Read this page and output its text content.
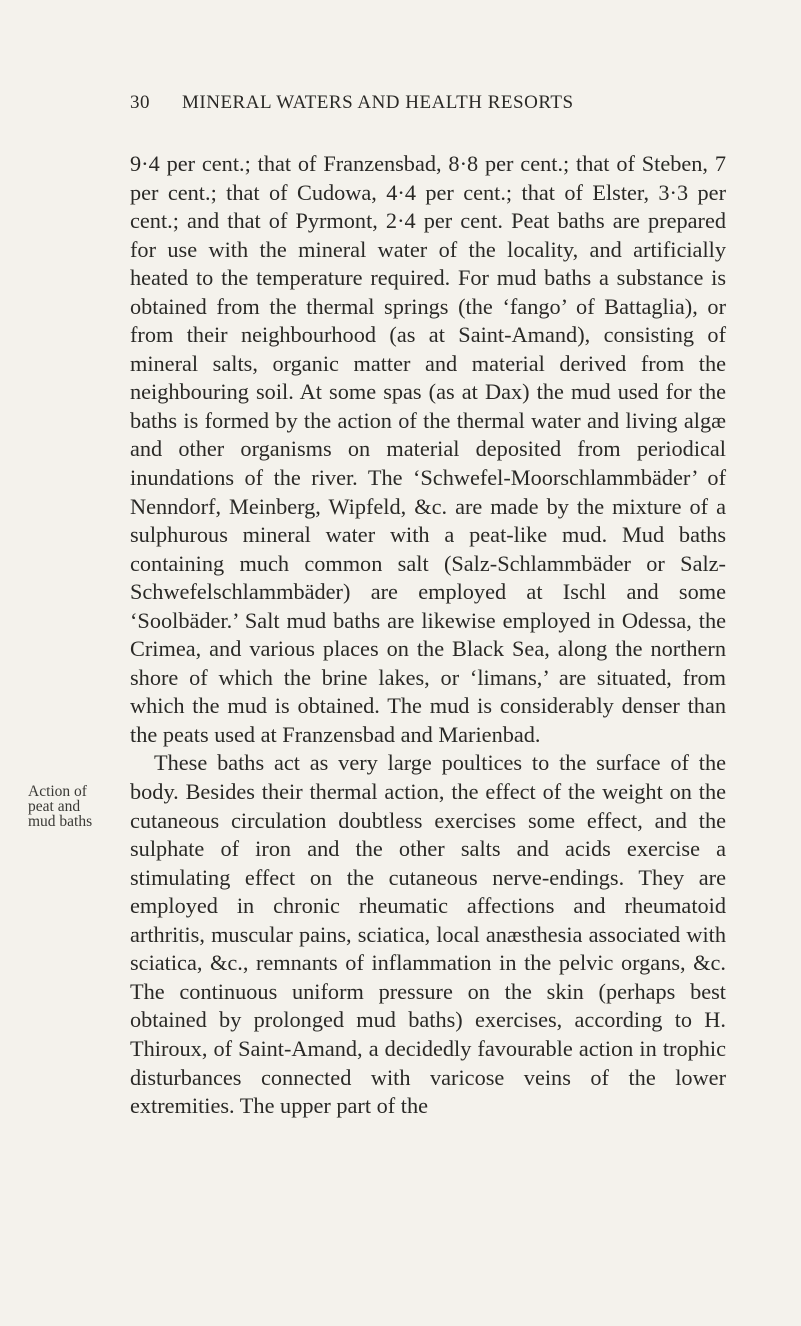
30 MINERAL WATERS AND HEALTH RESORTS
Action of
peat and
mud baths

9·4 per cent.; that of Franzensbad, 8·8 per cent.; that of Steben, 7 per cent.; that of Cudowa, 4·4 per cent.; that of Elster, 3·3 per cent.; and that of Pyrmont, 2·4 per cent. Peat baths are prepared for use with the mineral water of the locality, and artificially heated to the temperature required. For mud baths a substance is obtained from the thermal springs (the ‘fango’ of Battaglia), or from their neighbourhood (as at Saint-Amand), consisting of mineral salts, organic matter and material derived from the neighbouring soil. At some spas (as at Dax) the mud used for the baths is formed by the action of the thermal water and living algæ and other organisms on material deposited from periodical inundations of the river. The ‘Schwefel-Moorschlammbäder’ of Nenndorf, Meinberg, Wipfeld, &c. are made by the mixture of a sulphurous mineral water with a peat-like mud. Mud baths containing much common salt (Salz-Schlammbäder or Salz-Schwefelschlammbäder) are employed at Ischl and some ‘Soolbäder.’ Salt mud baths are likewise employed in Odessa, the Crimea, and various places on the Black Sea, along the northern shore of which the brine lakes, or ‘limans,’ are situated, from which the mud is obtained. The mud is considerably denser than the peats used at Franzensbad and Marienbad.

These baths act as very large poultices to the surface of the body. Besides their thermal action, the effect of the weight on the cutaneous circulation doubtless exercises some effect, and the sulphate of iron and the other salts and acids exercise a stimulating effect on the cutaneous nerve-endings. They are employed in chronic rheumatic affections and rheumatoid arthritis, muscular pains, sciatica, local anæsthesia associated with sciatica, &c., remnants of inflammation in the pelvic organs, &c. The continuous uniform pressure on the skin (perhaps best obtained by prolonged mud baths) exercises, according to H. Thiroux, of Saint-Amand, a decidedly favourable action in trophic disturbances connected with varicose veins of the lower extremities. The upper part of the
